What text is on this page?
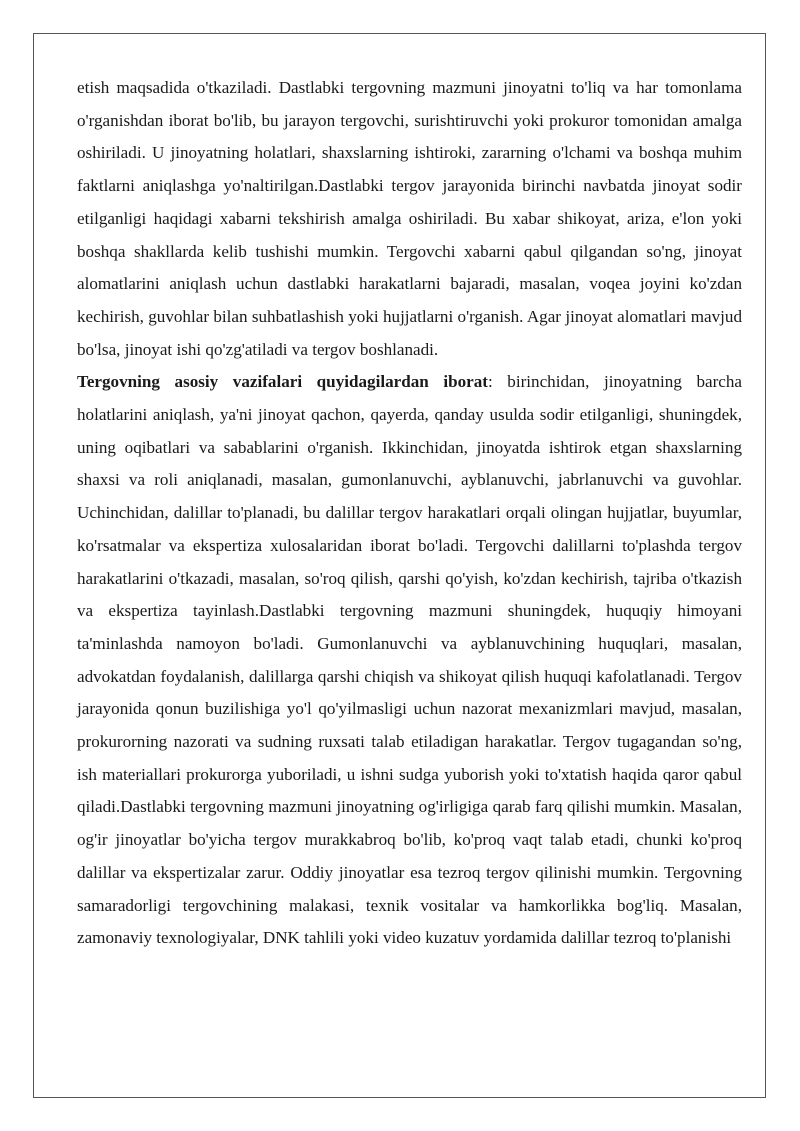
etish maqsadida o'tkaziladi. Dastlabki tergovning mazmuni jinoyatni to'liq va har tomonlama o'rganishdan iborat bo'lib, bu jarayon tergovchi, surishtiruvchi yoki prokuror tomonidan amalga oshiriladi. U jinoyatning holatlari, shaxslarning ishtiroki, zararning o'lchami va boshqa muhim faktlarni aniqlashga yo'naltirilgan.Dastlabki tergov jarayonida birinchi navbatda jinoyat sodir etilganligi haqidagi xabarni tekshirish amalga oshiriladi. Bu xabar shikoyat, ariza, e'lon yoki boshqa shakllarda kelib tushishi mumkin. Tergovchi xabarni qabul qilgandan so'ng, jinoyat alomatlarini aniqlash uchun dastlabki harakatlarni bajaradi, masalan, voqea joyini ko'zdan kechirish, guvohlar bilan suhbatlashish yoki hujjatlarni o'rganish. Agar jinoyat alomatlari mavjud bo'lsa, jinoyat ishi qo'zg'atiladi va tergov boshlanadi.

Tergovning asosiy vazifalari quyidagilardan iborat: birinchidan, jinoyatning barcha holatlarini aniqlash, ya'ni jinoyat qachon, qayerda, qanday usulda sodir etilganligi, shuningdek, uning oqibatlari va sabablarini o'rganish. Ikkinchidan, jinoyatda ishtirok etgan shaxslarning shaxsi va roli aniqlanadi, masalan, gumonlanuvchi, ayblanuvchi, jabrlanuvchi va guvohlar. Uchinchidan, dalillar to'planadi, bu dalillar tergov harakatlari orqali olingan hujjatlar, buyumlar, ko'rsatmalar va ekspertiza xulosalaridan iborat bo'ladi. Tergovchi dalillarni to'plashda tergov harakatlarini o'tkazadi, masalan, so'roq qilish, qarshi qo'yish, ko'zdan kechirish, tajriba o'tkazish va ekspertiza tayinlash.Dastlabki tergovning mazmuni shuningdek, huquqiy himoyani ta'minlashda namoyon bo'ladi. Gumonlanuvchi va ayblanuvchining huquqlari, masalan, advokatdan foydalanish, dalillarga qarshi chiqish va shikoyat qilish huquqi kafolatlanadi. Tergov jarayonida qonun buzilishiga yo'l qo'yilmasligi uchun nazorat mexanizmlari mavjud, masalan, prokurorning nazorati va sudning ruxsati talab etiladigan harakatlar. Tergov tugagandan so'ng, ish materiallari prokurorga yuboriladi, u ishni sudga yuborish yoki to'xtatish haqida qaror qabul qiladi.Dastlabki tergovning mazmuni jinoyatning og'irligiga qarab farq qilishi mumkin. Masalan, og'ir jinoyatlar bo'yicha tergov murakkabroq bo'lib, ko'proq vaqt talab etadi, chunki ko'proq dalillar va ekspertizalar zarur. Oddiy jinoyatlar esa tezroq tergov qilinishi mumkin. Tergovning samaradorligi tergovchining malakasi, texnik vositalar va hamkorlikka bog'liq. Masalan, zamonaviy texnologiyalar, DNK tahlili yoki video kuzatuv yordamida dalillar tezroq to'planishi
